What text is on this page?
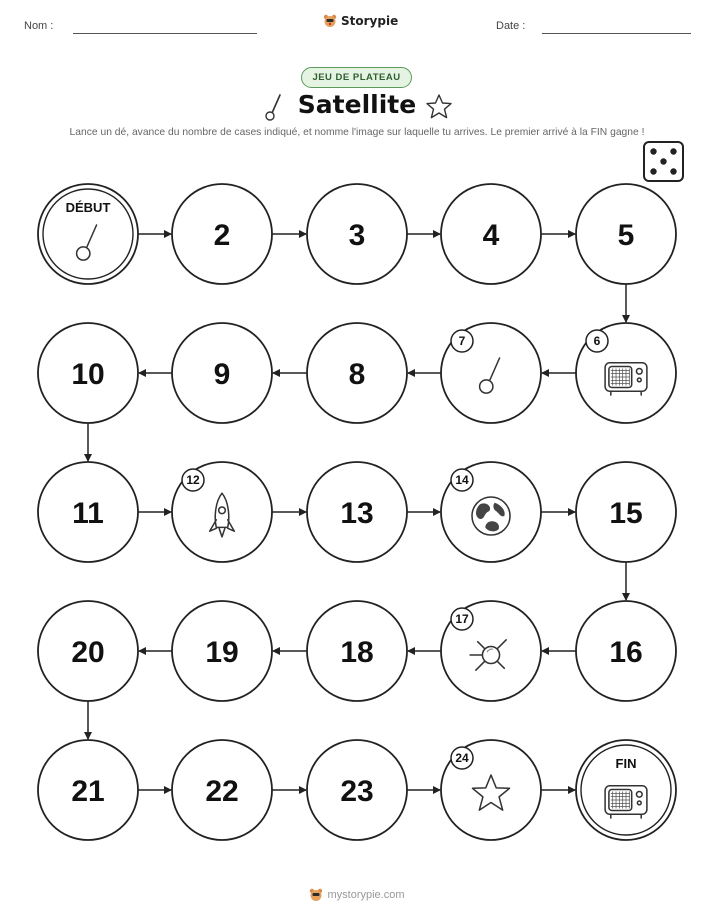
Nom :	Storypie	Date :
JEU DE PLATEAU
Satellite
Lance un dé, avance du nombre de cases indiqué, et nomme l'image sur laquelle tu arrives. Le premier arrivé à la FIN gagne !
DÉBUT
2	3	4	5
6
7
8
9
10
11
12
13
14
15
16
17
18
19
20
21	22	23
24	FIN
mystorypie.com
